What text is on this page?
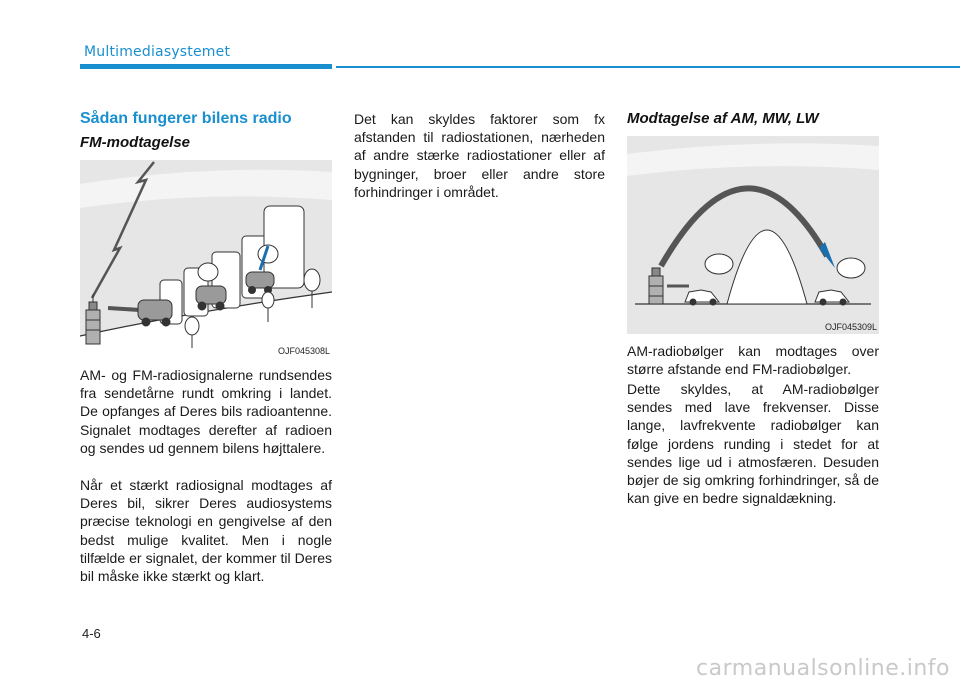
Multimediasystemet
Sådan fungerer bilens radio
FM-modtagelse
OJF045308L

AM- og FM-radiosignalerne rundsendes fra sendetårne rundt omkring i landet. De opfanges af Deres bils radioantenne. Signalet modtages derefter af radioen og sendes ud gennem bilens højttalere.

Når et stærkt radiosignal modtages af Deres bil, sikrer Deres audiosystems præcise teknologi en gengivelse af den bedst mulige kvalitet. Men i nogle tilfælde er signalet, der kommer til Deres bil måske ikke stærkt og klart.

Det kan skyldes faktorer som fx afstanden til radiostationen, nærheden af andre stærke radiostationer eller af bygninger, broer eller andre store forhindringer i området.

Modtagelse af AM, MW, LW
OJF045309L

AM-radiobølger kan modtages over større afstande end FM-radiobølger.

Dette skyldes, at AM-radiobølger sendes med lave frekvenser. Disse lange, lavfrekvente radiobølger kan følge jordens runding i stedet for at sendes lige ud i atmosfæren. Desuden bøjer de sig omkring forhindringer, så de kan give en bedre signaldækning.

4-6
carmanualsonline.info
